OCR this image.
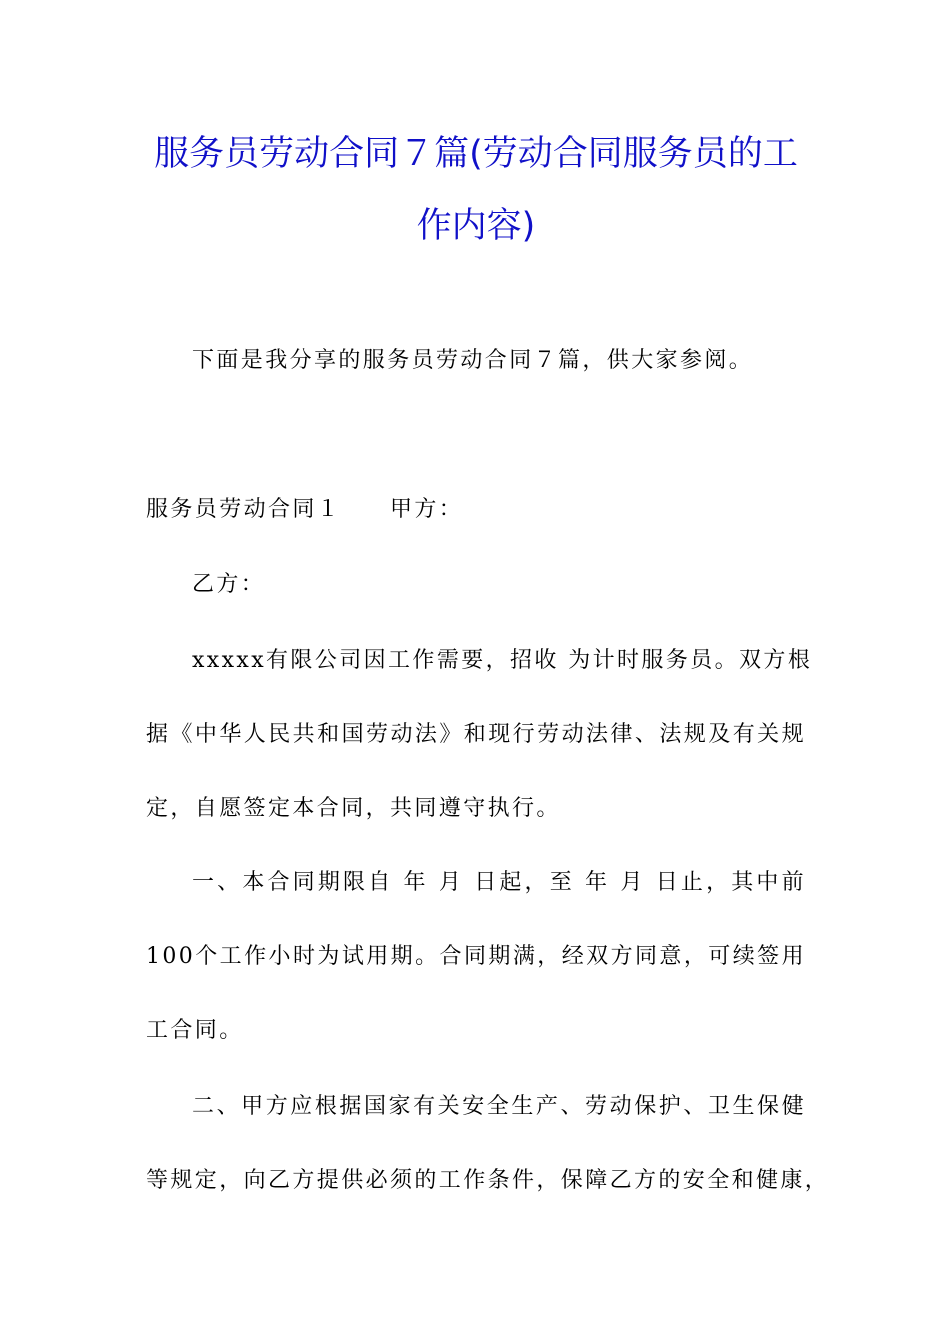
服务员劳动合同７篇(劳动合同服务员的工
作内容)
下面是我分享的服务员劳动合同７篇，供大家参阅。
服务员劳动合同１　　甲方：
乙方：
xxxxx有限公司因工作需要，招收 为计时服务员。双方根
据《中华人民共和国劳动法》和现行劳动法律、法规及有关规
定，自愿签定本合同，共同遵守执行。
一、本合同期限自 年 月 日起，至 年 月 日止，其中前
100个工作小时为试用期。合同期满，经双方同意，可续签用
工合同。
二、甲方应根据国家有关安全生产、劳动保护、卫生保健
等规定，向乙方提供必须的工作条件，保障乙方的安全和健康，
